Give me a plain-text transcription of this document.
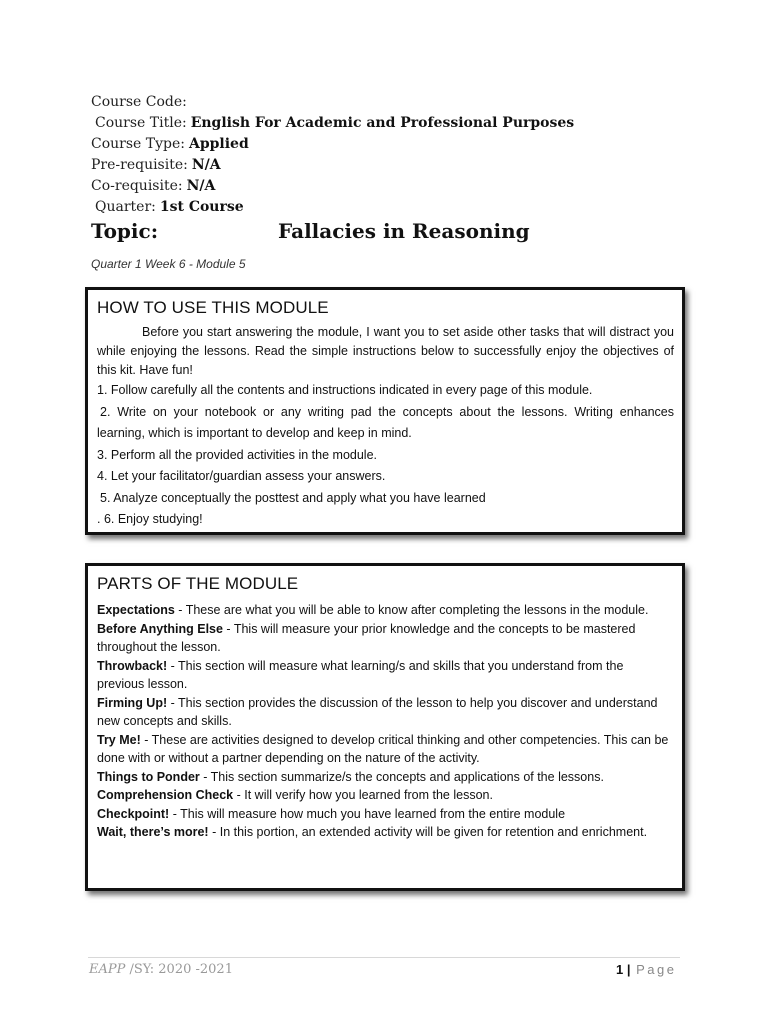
Course Code:
Course Title: English For Academic and Professional Purposes
Course Type: Applied
Pre-requisite: N/A
Co-requisite: N/A
Quarter: 1st Course
Topic:	Fallacies in Reasoning
Quarter 1 Week 6 - Module 5
HOW TO USE THIS MODULE

Before you start answering the module, I want you to set aside other tasks that will distract you while enjoying the lessons. Read the simple instructions below to successfully enjoy the objectives of this kit. Have fun!

1. Follow carefully all the contents and instructions indicated in every page of this module.

2. Write on your notebook or any writing pad the concepts about the lessons. Writing enhances learning, which is important to develop and keep in mind.

3. Perform all the provided activities in the module.

4. Let your facilitator/guardian assess your answers.

5. Analyze conceptually the posttest and apply what you have learned

. 6. Enjoy studying!

PARTS OF THE MODULE

Expectations - These are what you will be able to know after completing the lessons in the module.

Before Anything Else - This will measure your prior knowledge and the concepts to be mastered throughout the lesson.

Throwback! - This section will measure what learning/s and skills that you understand from the previous lesson.

Firming Up! - This section provides the discussion of the lesson to help you discover and understand new concepts and skills.

Try Me! - These are activities designed to develop critical thinking and other competencies. This can be done with or without a partner depending on the nature of the activity.

Things to Ponder - This section summarize/s the concepts and applications of the lessons.

Comprehension Check - It will verify how you learned from the lesson.

Checkpoint! - This will measure how much you have learned from the entire module

Wait, there’s more! - In this portion, an extended activity will be given for retention and enrichment.

EAPP /SY: 2020 -2021	1 | Page
